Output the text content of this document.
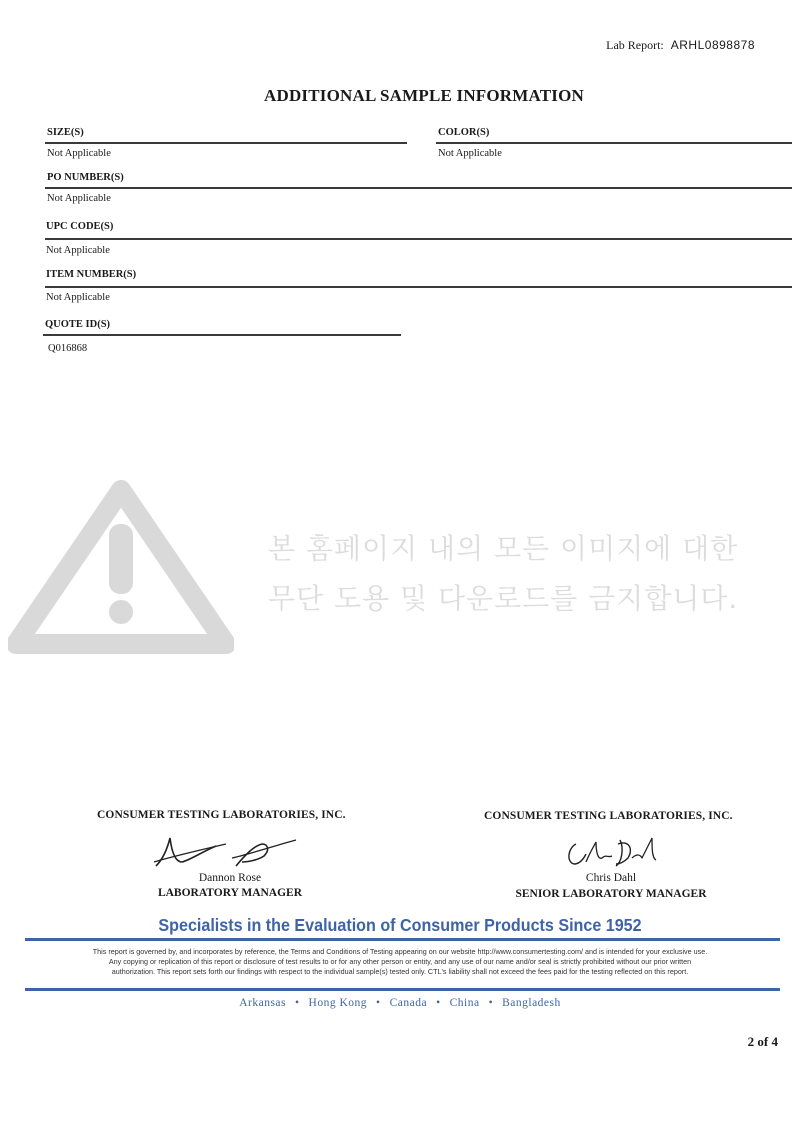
Lab Report: ARHL0898878
ADDITIONAL SAMPLE INFORMATION
SIZE(S)
Not Applicable
COLOR(S)
Not Applicable
PO NUMBER(S)
Not Applicable
UPC CODE(S)
Not Applicable
ITEM NUMBER(S)
Not Applicable
QUOTE ID(S)
Q016868
본 홈페이지 내의 모든 이미지에 대한
무단 도용 및 다운로드를 금지합니다.
CONSUMER TESTING LABORATORIES, INC.
Dannon Rose
LABORATORY MANAGER
CONSUMER TESTING LABORATORIES, INC.
Chris Dahl
SENIOR LABORATORY MANAGER
Specialists in the Evaluation of Consumer Products Since 1952
This report is governed by, and incorporates by reference, the Terms and Conditions of Testing appearing on our website http://www.consumertesting.com/ and is intended for your exclusive use. Any copying or replication of this report or disclosure of test results to or for any other person or entity, and any use of our name and/or seal is strictly prohibited without our prior written authorization. This report sets forth our findings with respect to the individual sample(s) tested only. CTL's liability shall not exceed the fees paid for the testing reflected on this report.
Arkansas • Hong Kong • Canada • China • Bangladesh
2 of 4
